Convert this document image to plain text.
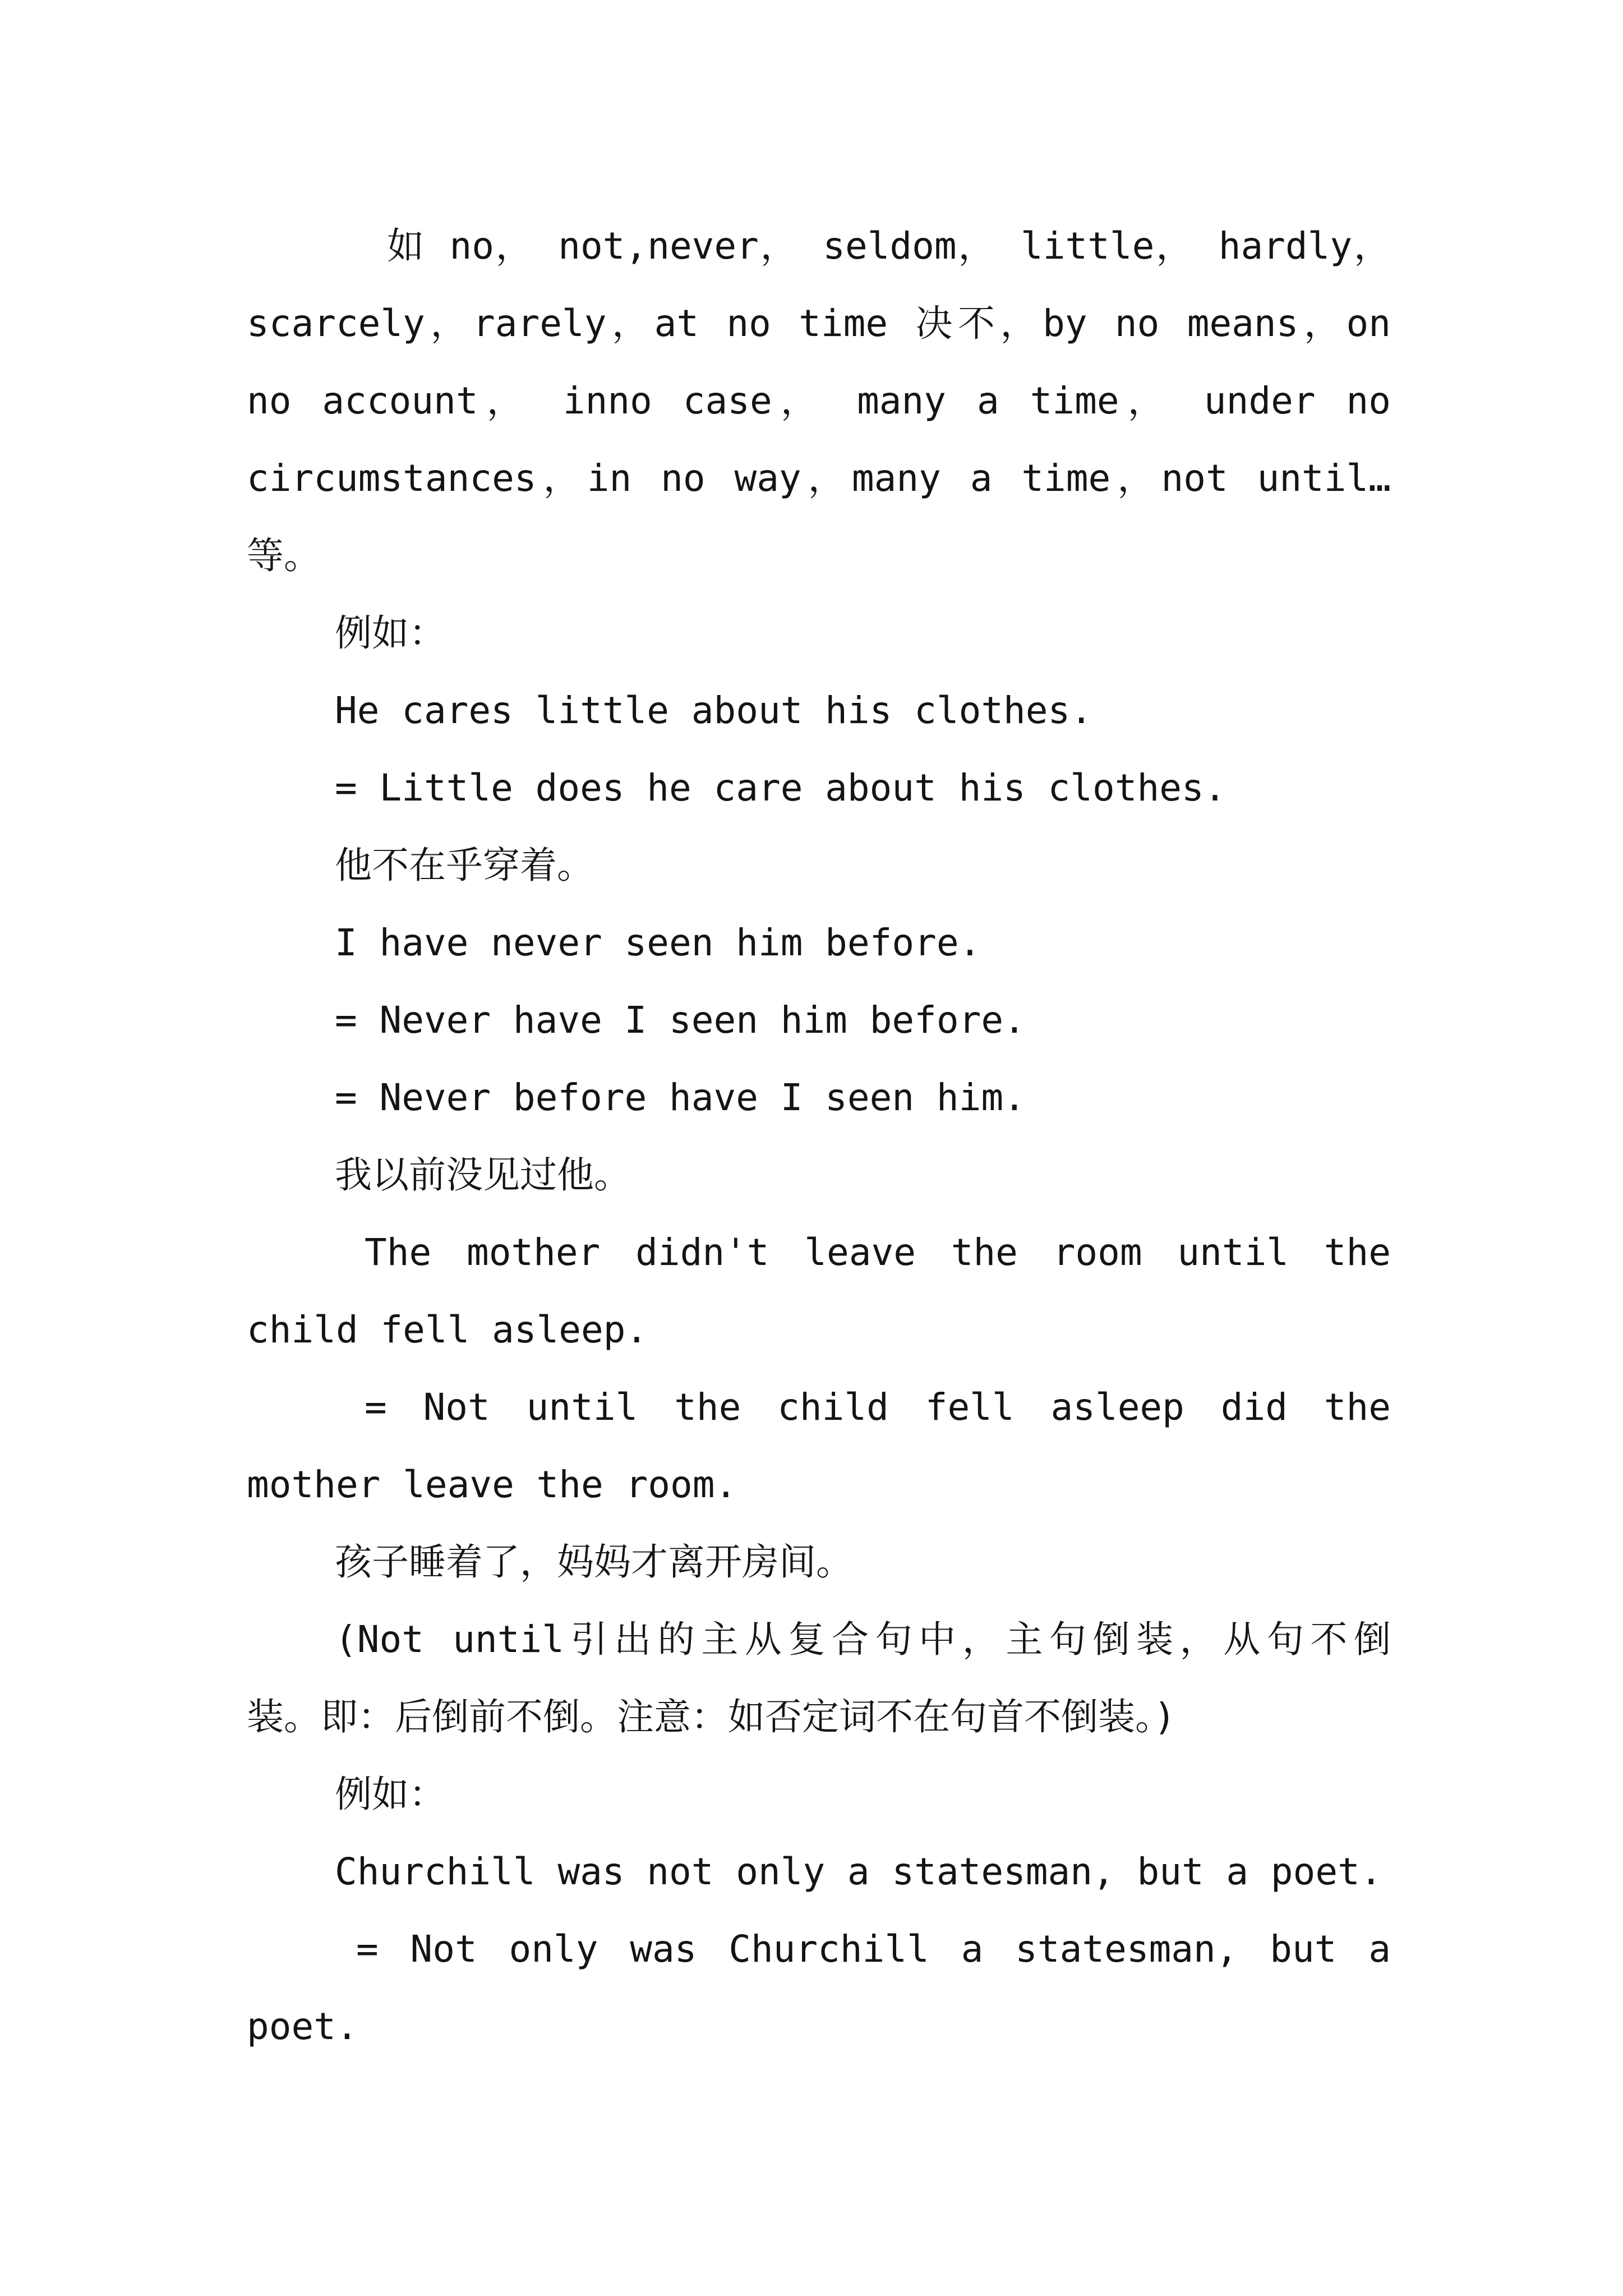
如 no， not,never， seldom， little， hardly，
scarcely，rarely，at no time 决不，by no means，on
no account， inno case， many a time， under no
circumstances，in no way，many a time，not until…
等。
例如：
He cares little about his clothes.
= Little does he care about his clothes.
他不在乎穿着。
I have never seen him before.
= Never have I seen him before.
= Never before have I seen him.
我以前没见过他。
The mother didn't leave the room until the
child fell asleep.
= Not until the child fell asleep did the
mother leave the room.
孩子睡着了，妈妈才离开房间。
(Not until引出的主从复合句中，主句倒装，从句不倒
装。即：后倒前不倒。注意：如否定词不在句首不倒装。)
例如：
Churchill was not only a statesman, but a poet.
= Not only was Churchill a statesman, but a
poet.
